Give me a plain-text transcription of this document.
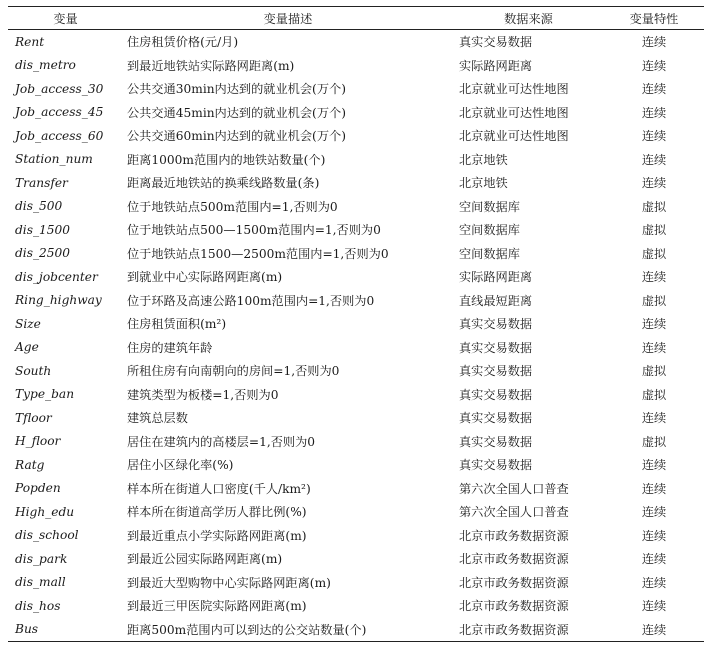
变量	变量描述	数据来源	变量特性
Rent	住房租赁价格(元/月)	真实交易数据	连续
dis_metro	到最近地铁站实际路网距离(m)	实际路网距离	连续
Job_access_30	公共交通30min内达到的就业机会(万个)	北京就业可达性地图	连续
Job_access_45	公共交通45min内达到的就业机会(万个)	北京就业可达性地图	连续
Job_access_60	公共交通60min内达到的就业机会(万个)	北京就业可达性地图	连续
Station_num	距离1000m范围内的地铁站数量(个)	北京地铁	连续
Transfer	距离最近地铁站的换乘线路数量(条)	北京地铁	连续
dis_500	位于地铁站点500m范围内=1,否则为0	空间数据库	虚拟
dis_1500	位于地铁站点500—1500m范围内=1,否则为0	空间数据库	虚拟
dis_2500	位于地铁站点1500—2500m范围内=1,否则为0	空间数据库	虚拟
dis_jobcenter	到就业中心实际路网距离(m)	实际路网距离	连续
Ring_highway	位于环路及高速公路100m范围内=1,否则为0	直线最短距离	虚拟
Size	住房租赁面积(m²)	真实交易数据	连续
Age	住房的建筑年龄	真实交易数据	连续
South	所租住房有向南朝向的房间=1,否则为0	真实交易数据	虚拟
Type_ban	建筑类型为板楼=1,否则为0	真实交易数据	虚拟
Tfloor	建筑总层数	真实交易数据	连续
H_floor	居住在建筑内的高楼层=1,否则为0	真实交易数据	虚拟
Ratg	居住小区绿化率(%)	真实交易数据	连续
Popden	样本所在街道人口密度(千人/km²)	第六次全国人口普查	连续
High_edu	样本所在街道高学历人群比例(%)	第六次全国人口普查	连续
dis_school	到最近重点小学实际路网距离(m)	北京市政务数据资源	连续
dis_park	到最近公园实际路网距离(m)	北京市政务数据资源	连续
dis_mall	到最近大型购物中心实际路网距离(m)	北京市政务数据资源	连续
dis_hos	到最近三甲医院实际路网距离(m)	北京市政务数据资源	连续
Bus	距离500m范围内可以到达的公交站数量(个)	北京市政务数据资源	连续
